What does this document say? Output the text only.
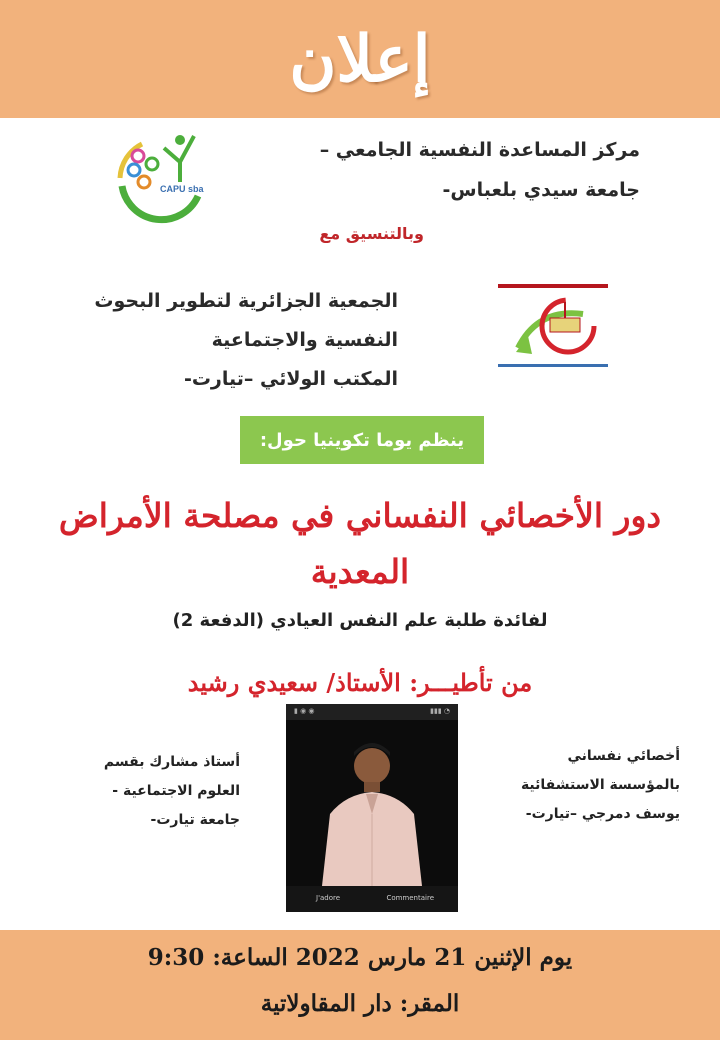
إعلان
CAPU sba
مركز المساعدة النفسية الجامعي –
جامعة سيدي بلعباس-
وبالتنسيق مع
الجمعية الجزائرية لتطوير البحوث
النفسية والاجتماعية
المكتب الولائي –تيارت-
ينظم يوما تكوينيا حول:
دور الأخصائي النفساني في مصلحة الأمراض
المعدية
لفائدة طلبة علم النفس العيادي (الدفعة 2)
من تأطيـــر: الأستاذ/ سعيدي رشيد
▮ ◉ ◉	▮▮▮ ◔
J'adore	Commentaire
أخصائي نفساني
بالمؤسسة الاستشفائية
يوسف دمرجي –تيارت-
أستاذ مشارك بقسم
العلوم الاجتماعية -
جامعة تيارت-
يوم الإثنين 21 مارس 2022 الساعة: 9:30
المقر: دار المقاولاتية
